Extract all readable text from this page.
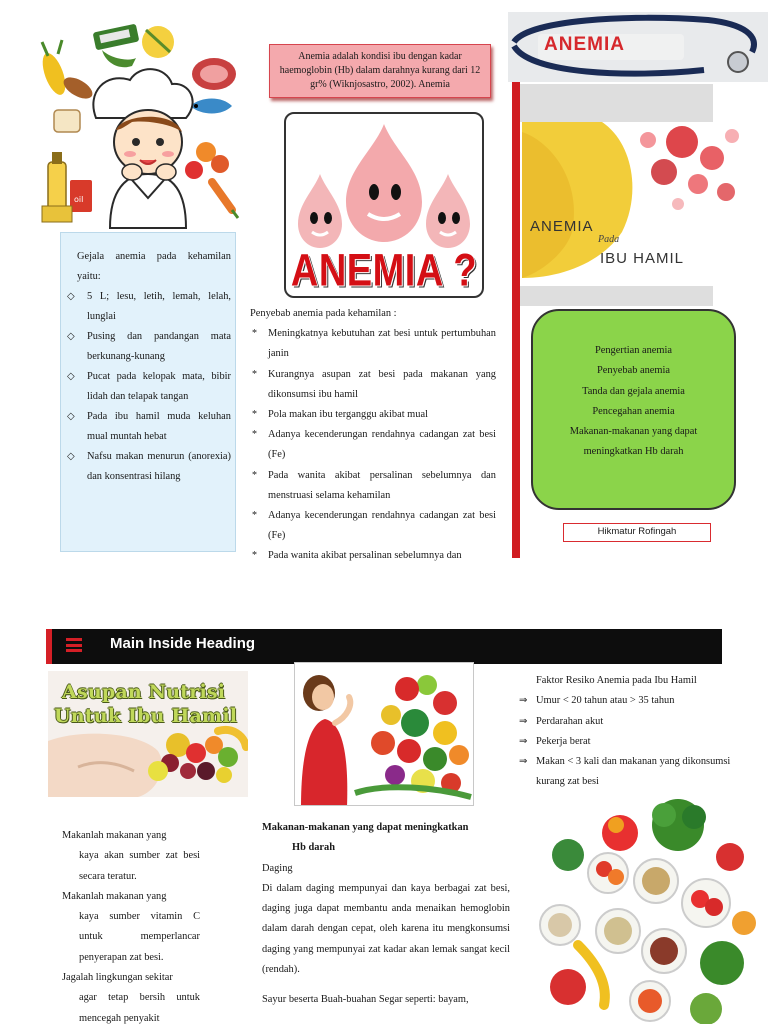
oil

Gejala anemia pada kehamilan yaitu:

◇ 5 L; lesu, letih, lemah, lelah, lunglai
◇ Pusing dan pandangan mata berkunang-kunang
◇ Pucat pada kelopak mata, bibir lidah dan telapak tangan
◇ Pada ibu hamil muda keluhan mual muntah hebat
◇ Nafsu makan menurun (anorexia) dan konsentrasi hilang
Anemia adalah kondisi ibu dengan kadar haemoglobin (Hb) dalam darahnya kurang dari 12 gr% (Wiknjosastro, 2002). Anemia
ANEMIA ?

Penyebab anemia pada kehamilan :

* Meningkatnya kebutuhan zat besi untuk pertumbuhan janin
* Kurangnya asupan zat besi pada makanan yang dikonsumsi ibu hamil
* Pola makan ibu terganggu akibat mual
* Adanya kecenderungan rendahnya cadangan zat besi (Fe)
* Pada wanita akibat persalinan sebelumnya dan menstruasi selama kehamilan
* Adanya kecenderungan rendahnya cadangan zat besi (Fe)
* Pada wanita akibat persalinan sebelumnya dan
ANEMIA
ANEMIA
Pada
IBU HAMIL
Pengertian anemia
Penyebab anemia
Tanda dan gejala anemia
Pencegahan anemia
Makanan-makanan yang dapat
meningkatkan Hb darah
Hikmatur Rofingah
Main Inside Heading
Asupan Nutrisi
Untuk Ibu Hamil

Makanlah makanan yang
kaya akan sumber zat besi secara teratur.

Makanlah makanan yang
kaya sumber vitamin C untuk memperlancar penyerapan zat besi.

Jagalah lingkungan sekitar
agar tetap bersih untuk mencegah penyakit

Makanan-makanan yang dapat meningkatkan

Hb darah

Daging

Di dalam daging mempunyai dan kaya berbagai zat besi, daging juga dapat membantu anda menaikan hemoglobin dalam darah dengan cepat, oleh karena itu mengkonsumsi daging yang mempunyai zat kadar akan lemak sangat kecil (rendah).

Sayur beserta Buah-buahan Segar seperti: bayam,

Faktor Resiko Anemia pada Ibu Hamil

⇒ Umur < 20 tahun atau > 35 tahun
⇒ Perdarahan akut
⇒ Pekerja berat
⇒ Makan < 3 kali dan makanan yang dikonsumsi kurang zat besi
